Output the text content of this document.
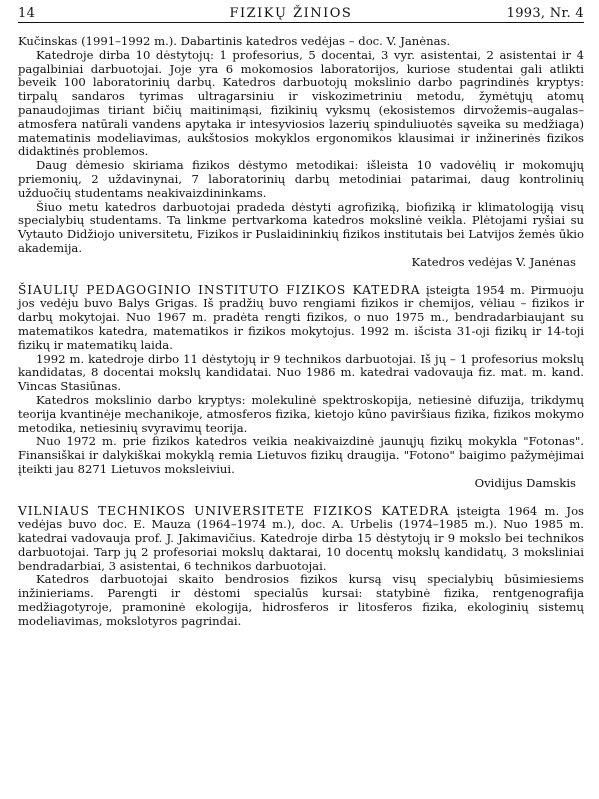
14	FIZIKŲ ŽINIOS	1993, Nr. 4

Kučinskas (1991–1992 m.). Dabartinis katedros vedėjas – doc. V. Janėnas.

Katedroje dirba 10 dėstytojų: 1 profesorius, 5 docentai, 3 vyr. asistentai, 2 asistentai ir 4 pagalbiniai darbuotojai. Joje yra 6 mokomosios laboratorijos, kuriose studentai gali atlikti beveik 100 laboratorinių darbų. Katedros darbuotojų mokslinio darbo pagrindinės kryptys: tirpalų sandaros tyrimas ultragarsiniu ir viskozimetriniu metodu, žymėtųjų atomų panaudojimas tiriant bičių maitinimąsi, fizikinių vyksmų (ekosistemos dirvožemis–augalas–atmosfera natūrali vandens apytaka ir intesyviosios lazerių spinduliuotės sąveika su medžiaga) matematinis modeliavimas, aukštosios mokyklos ergonomikos klausimai ir inžinerinės fizikos didaktinės problemos.

Daug dėmesio skiriama fizikos dėstymo metodikai: išleista 10 vadovėlių ir mokomųjų priemonių, 2 uždavinynai, 7 laboratorinių darbų metodiniai patarimai, daug kontrolinių užduočių studentams neakivaizdininkams.

Šiuo metu katedros darbuotojai pradeda dėstyti agrofiziką, biofiziką ir klimatologiją visų specialybių studentams. Ta linkme pertvarkoma katedros mokslinė veikla. Plėtojami ryšiai su Vytauto Didžiojo universitetu, Fizikos ir Puslaidininkių fizikos institutais bei Latvijos žemės ūkio akademija.

Katedros vedėjas V. Janėnas

ŠIAULIŲ PEDAGOGINIO INSTITUTO FIZIKOS KATEDRA įsteigta 1954 m. Pirmuoju jos vedėju buvo Balys Grigas. Iš pradžių buvo rengiami fizikos ir chemijos, vėliau – fizikos ir darbų mokytojai. Nuo 1967 m. pradėta rengti fizikos, o nuo 1975 m., bendradarbiaujant su matematikos katedra, matematikos ir fizikos mokytojus. 1992 m. išcista 31-oji fizikų ir 14-toji fizikų ir matematikų laida.

1992 m. katedroje dirbo 11 dėstytojų ir 9 technikos darbuotojai. Iš jų – 1 profesorius mokslų kandidatas, 8 docentai mokslų kandidatai. Nuo 1986 m. katedrai vadovauja fiz. mat. m. kand. Vincas Stasiūnas.

Katedros mokslinio darbo kryptys: molekulinė spektroskopija, netiesinė difuzija, trikdymų teorija kvantinėje mechanikoje, atmosferos fizika, kietojo kūno paviršiaus fizika, fizikos mokymo metodika, netiesinių svyravimų teorija.

Nuo 1972 m. prie fizikos katedros veikia neakivaizdinė jaunųjų fizikų mokykla "Fotonas". Finansiškai ir dalykiškai mokyklą remia Lietuvos fizikų draugija. "Fotono" baigimo pažymėjimai įteikti jau 8271 Lietuvos moksleiviui.

Ovidijus Damskis

VILNIAUS TECHNIKOS UNIVERSITETE FIZIKOS KATEDRA įsteigta 1964 m. Jos vedėjas buvo doc. E. Mauza (1964–1974 m.), doc. A. Urbelis (1974–1985 m.). Nuo 1985 m. katedrai vadovauja prof. J. Jakimavičius. Katedroje dirba 15 dėstytojų ir 9 mokslo bei technikos darbuotojai. Tarp jų 2 profesoriai mokslų daktarai, 10 docentų mokslų kandidatų, 3 moksliniai bendradarbiai, 3 asistentai, 6 technikos darbuotojai.

Katedros darbuotojai skaito bendrosios fizikos kursą visų specialybių būsimiesiems inžinieriams. Parengti ir dėstomi specialūs kursai: statybinė fizika, rentgenografija medžiagotyroje, pramoninė ekologija, hidrosferos ir litosferos fizika, ekologinių sistemų modeliavimas, mokslotyros pagrindai.
